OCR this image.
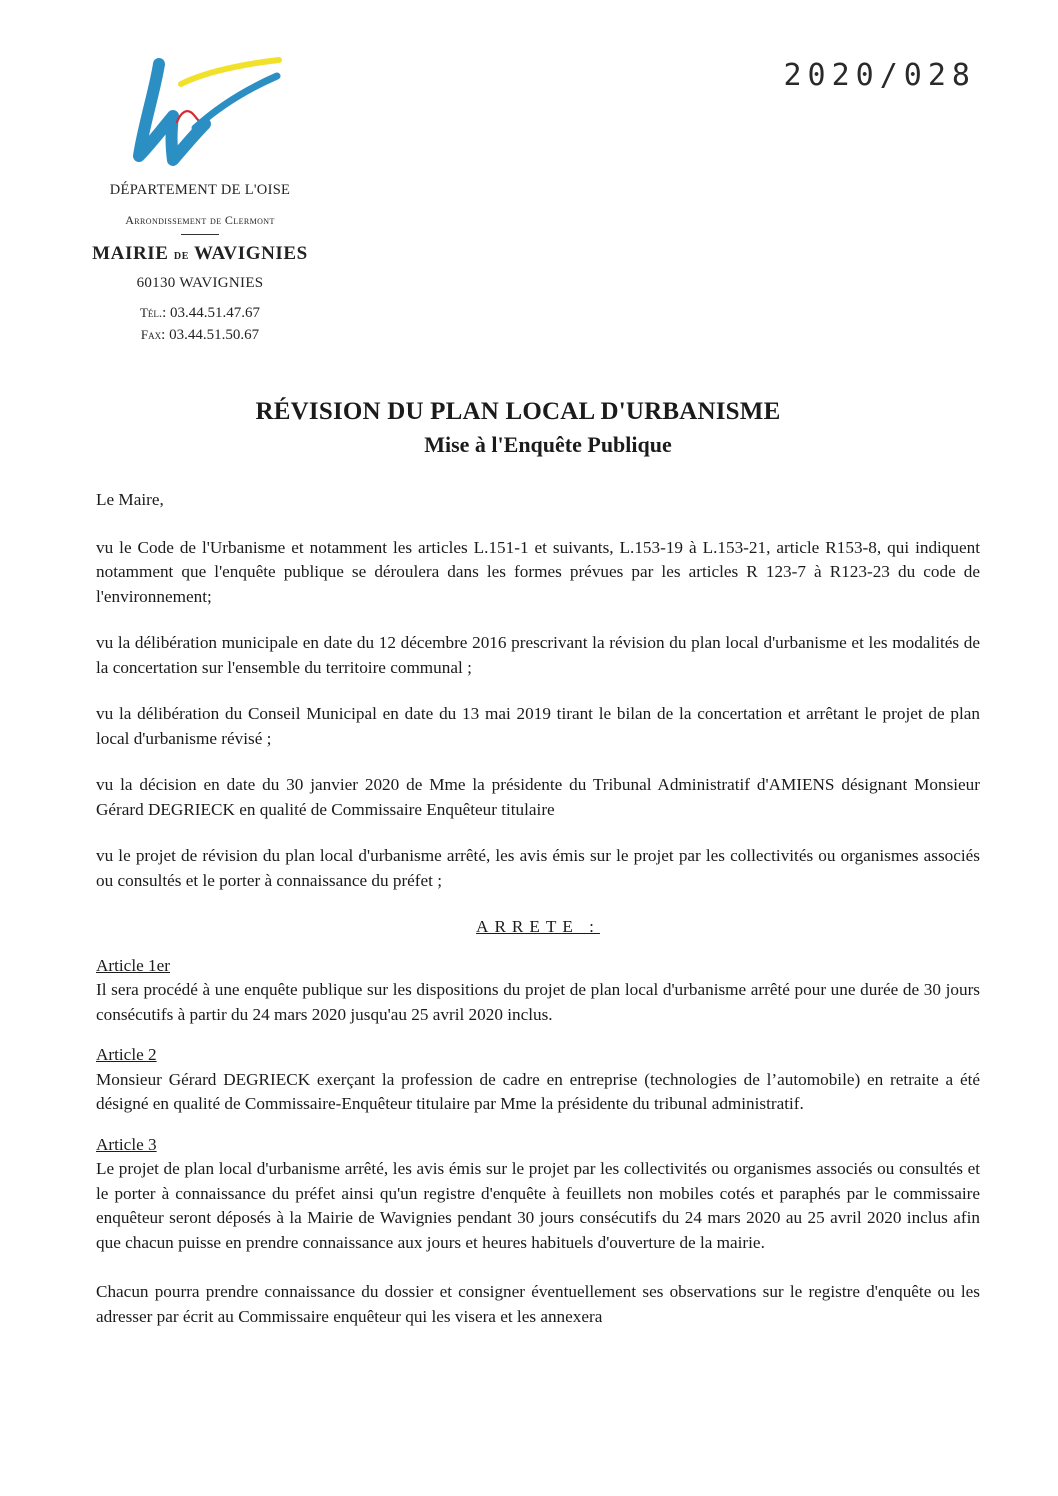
2020/028
DÉPARTEMENT DE L'OISE
Arrondissement de Clermont
MAIRIE de WAVIGNIES
60130 WAVIGNIES
Tél.: 03.44.51.47.67
Fax: 03.44.51.50.67
RÉVISION DU PLAN LOCAL D'URBANISME
Mise à l'Enquête Publique

Le Maire,

vu le Code de l'Urbanisme et notamment les articles L.151-1 et suivants, L.153-19 à L.153-21, article R153-8, qui indiquent notamment que l'enquête publique se déroulera dans les formes prévues par les articles R 123-7 à R123-23 du code de l'environnement;

vu la délibération municipale en date du 12 décembre 2016 prescrivant la révision du plan local d'urbanisme et les modalités de la concertation sur l'ensemble du territoire communal ;

vu la délibération du Conseil Municipal en date du 13 mai 2019 tirant le bilan de la concertation et arrêtant le projet de plan local d'urbanisme révisé ;

vu la décision en date du 30 janvier 2020 de Mme la présidente du Tribunal Administratif d'AMIENS désignant Monsieur Gérard DEGRIECK en qualité de Commissaire Enquêteur titulaire

vu le projet de révision du plan local d'urbanisme arrêté, les avis émis sur le projet par les collectivités ou organismes associés ou consultés et le porter à connaissance du préfet ;

ARRETE :

Article 1er

Il sera procédé à une enquête publique sur les dispositions du projet de plan local d'urbanisme arrêté pour une durée de 30 jours consécutifs à partir du 24 mars 2020 jusqu'au 25 avril 2020 inclus.

Article 2

Monsieur Gérard DEGRIECK exerçant la profession de cadre en entreprise (technologies de l’automobile) en retraite a été désigné en qualité de Commissaire-Enquêteur titulaire par Mme la présidente du tribunal administratif.

Article 3

Le projet de plan local d'urbanisme arrêté, les avis émis sur le projet par les collectivités ou organismes associés ou consultés et le porter à connaissance du préfet ainsi qu'un registre d'enquête à feuillets non mobiles cotés et paraphés par le commissaire enquêteur seront déposés à la Mairie de Wavignies pendant 30 jours consécutifs du 24 mars 2020 au 25 avril 2020 inclus afin que chacun puisse en prendre connaissance aux jours et heures habituels d'ouverture de la mairie.

Chacun pourra prendre connaissance du dossier et consigner éventuellement ses observations sur le registre d'enquête ou les adresser par écrit au Commissaire enquêteur qui les visera et les annexera
